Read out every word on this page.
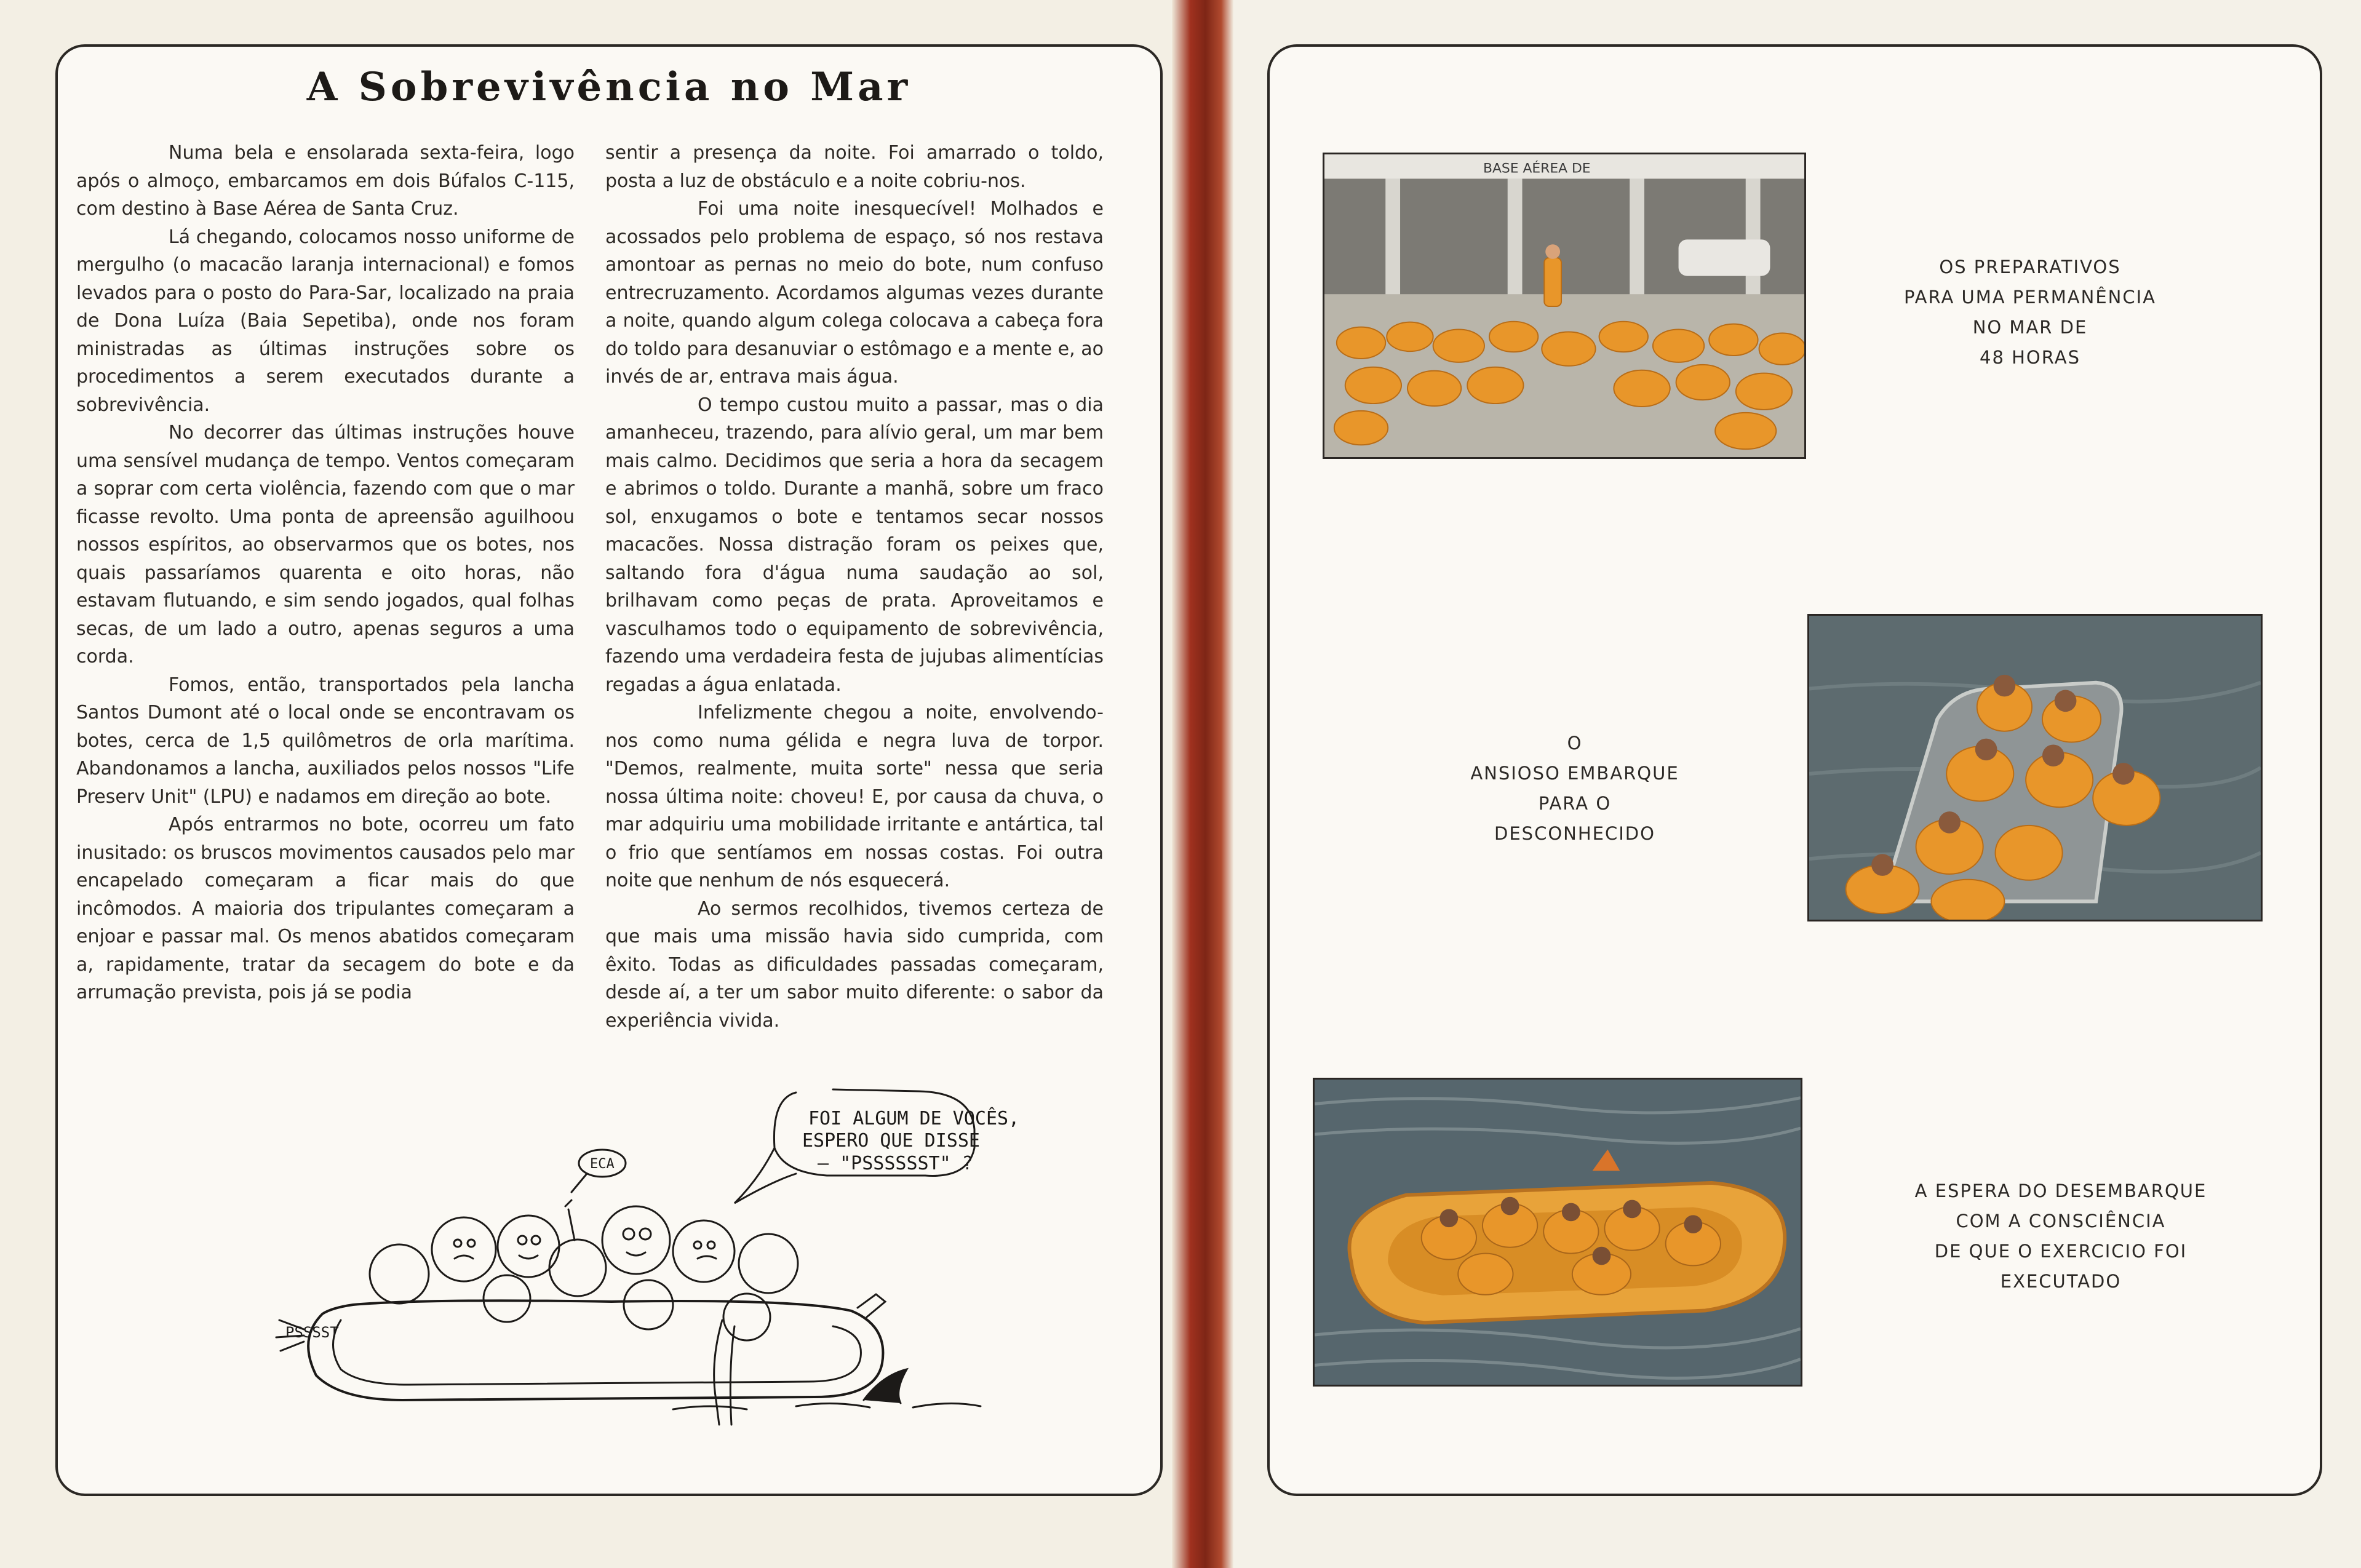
A Sobrevivência no Mar

Numa bela e ensolarada sexta-feira, logo após o almoço, embarcamos em dois Búfalos C-115, com destino à Base Aérea de Santa Cruz.

Lá chegando, colocamos nosso uniforme de mergulho (o macacão laranja internacional) e fomos levados para o posto do Para-Sar, localizado na praia de Dona Luíza (Baia Sepetiba), onde nos foram ministradas as últimas instruções sobre os procedimentos a serem executados durante a sobrevivência.

No decorrer das últimas instruções houve uma sensível mudança de tempo. Ventos começaram a soprar com certa violência, fazendo com que o mar ficasse revolto. Uma ponta de apreensão aguilhoou nossos espíritos, ao observarmos que os botes, nos quais passaríamos quarenta e oito horas, não estavam flutuando, e sim sendo jogados, qual folhas secas, de um lado a outro, apenas seguros a uma corda.

Fomos, então, transportados pela lancha Santos Dumont até o local onde se encontravam os botes, cerca de 1,5 quilômetros de orla marítima. Abandonamos a lancha, auxiliados pelos nossos "Life Preserv Unit" (LPU) e nadamos em direção ao bote.

Após entrarmos no bote, ocorreu um fato inusitado: os bruscos movimentos causados pelo mar encapelado começaram a ficar mais do que incômodos. A maioria dos tripulantes começaram a enjoar e passar mal. Os menos abatidos começaram a, rapidamente, tratar da secagem do bote e da arrumação prevista, pois já se podia

sentir a presença da noite. Foi amarrado o toldo, posta a luz de obstáculo e a noite cobriu-nos.

Foi uma noite inesquecível! Molhados e acossados pelo problema de espaço, só nos restava amontoar as pernas no meio do bote, num confuso entrecruzamento. Acordamos algumas vezes durante a noite, quando algum colega colocava a cabeça fora do toldo para desanuviar o estômago e a mente e, ao invés de ar, entrava mais água.

O tempo custou muito a passar, mas o dia amanheceu, trazendo, para alívio geral, um mar bem mais calmo. Decidimos que seria a hora da secagem e abrimos o toldo. Durante a manhã, sobre um fraco sol, enxugamos o bote e tentamos secar nossos macacões. Nossa distração foram os peixes que, saltando fora d'água numa saudação ao sol, brilhavam como peças de prata. Aproveitamos e vasculhamos todo o equipamento de sobrevivência, fazendo uma verdadeira festa de jujubas alimentícias regadas a água enlatada.

Infelizmente chegou a noite, envolvendo-nos como numa gélida e negra luva de torpor. "Demos, realmente, muita sorte" nessa que seria nossa última noite: choveu! E, por causa da chuva, o mar adquiriu uma mobilidade irritante e antártica, tal o frio que sentíamos em nossas costas. Foi outra noite que nenhum de nós esquecerá.

Ao sermos recolhidos, tivemos certeza de que mais uma missão havia sido cumprida, com êxito. Todas as dificuldades passadas começaram, desde aí, a ter um sabor muito diferente: o sabor da experiência vivida.

FOI ALGUM DE VOCÊS,
ESPERO QUE DISSE
— "PSSSSSST" ?
ECA
PSSSST
BASE AÉREA DE
OS PREPARATIVOS
PARA UMA PERMANÊNCIA
NO MAR DE
48 HORAS
O
ANSIOSO EMBARQUE
PARA O
DESCONHECIDO
A ESPERA DO DESEMBARQUE
COM A CONSCIÊNCIA
DE QUE O EXERCICIO FOI
EXECUTADO
